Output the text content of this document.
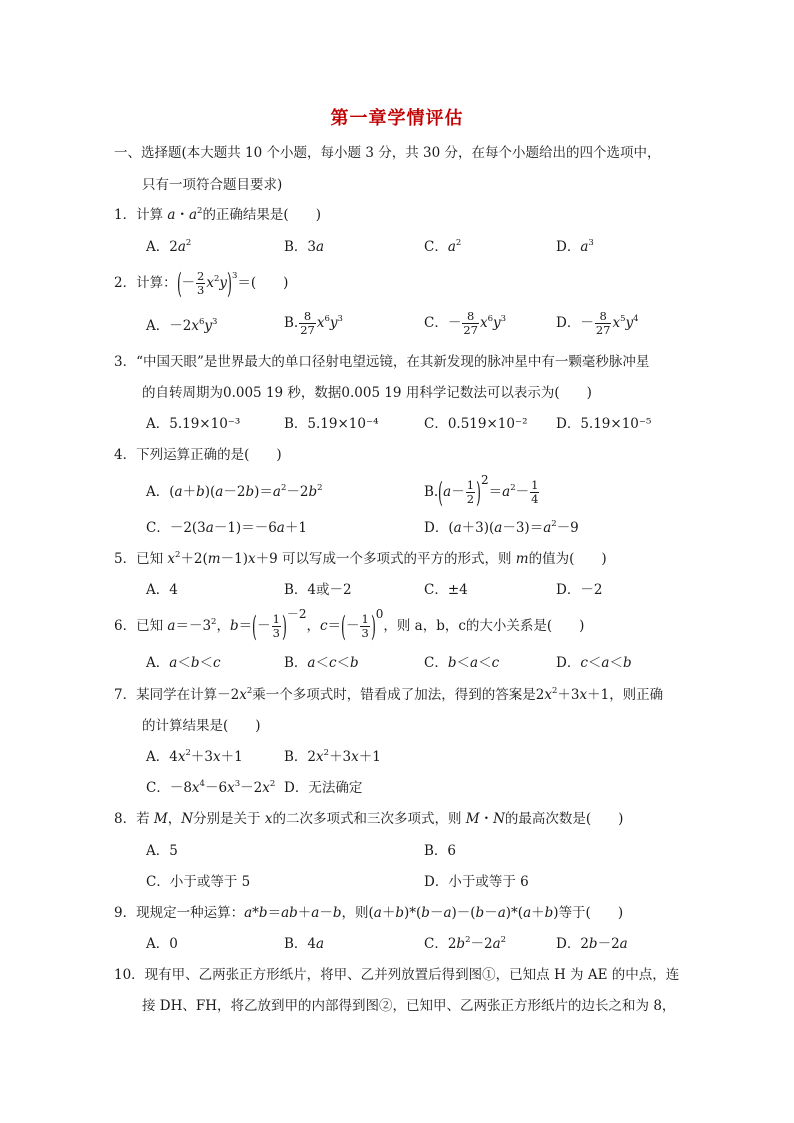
第一章学情评估
一、选择题(本大题共 10 个小题，每小题 3 分，共 30 分，在每个小题给出的四个选项中，
只有一项符合题目要求)
1．计算 a・$a^2$的正确结果是(　　)
A．$2a^2$	B．3a	C．$a^2$	D．$a^3$
2．计算：(－ $\frac{2}{3} x^2y)^3=$(　　)
A．$-2x^6y^3$	B. $\frac{8}{27} x^6y^3$	C．－ $\frac{8}{27} x^6y^3$	D．－ $\frac{8}{27} x^5y^4$
3．“中国天眼”是世界最大的单口径射电望远镜，在其新发现的脉冲星中有一颗毫秒脉冲星
的自转周期为0.005 19 秒，数据0.005 19 用科学记数法可以表示为(　　)
A．5.19×10⁻³	B．5.19×10⁻⁴	C．0.519×10⁻² D．5.19×10⁻⁵
4．下列运算正确的是(　　)
A．$(a+b)(a-2b)=a^2-2b^2$	$B.(a- \frac{1}{2} )2=a^2- \frac{1}{4}$
C．－2(3a－1)＝－6a＋1	D．$(a+3)(a-3)=a^2-9$
5．已知 $x^2+2(m-1)x+9$ 可以写成一个多项式的平方的形式，则 m的值为(　　)
A．4	B．4或－2	C．±4	D．－2
6．已知 $a=-3^2$，$b=(- \frac{1}{3} )-2$，$c=(- \frac{1}{3} )0$，则 a，b，c的大小关系是(　　)
A．a＜b＜c	B．a＜c＜b	C．b＜a＜c	D．c＜a＜b
7．某同学在计算$-2x^2$乘一个多项式时，错看成了加法，得到的答案是$2x^2+3x+1$，则正确
的计算结果是(　　)
A．$4x^2+3x+1$	B．$2x^2+3x+1$
C．$-8x^4-6x^3-2x^2$ D．无法确定
8．若 M，N分别是关于 x的二次多项式和三次多项式，则 M・N的最高次数是(　　)
A．5	B．6
C．小于或等于 5	D．小于或等于 6
9．现规定一种运算：a*b＝ab＋a－b，则(a＋b)*(b－a)－(b－a)*(a＋b)等于(　　)
A．0	B．4a	C．$2b^2-2a^2$	D．2b－2a
10．现有甲、乙两张正方形纸片，将甲、乙并列放置后得到图①，已知点 H 为 AE 的中点，连
接 DH、FH，将乙放到甲的内部得到图②，已知甲、乙两张正方形纸片的边长之和为 8，
